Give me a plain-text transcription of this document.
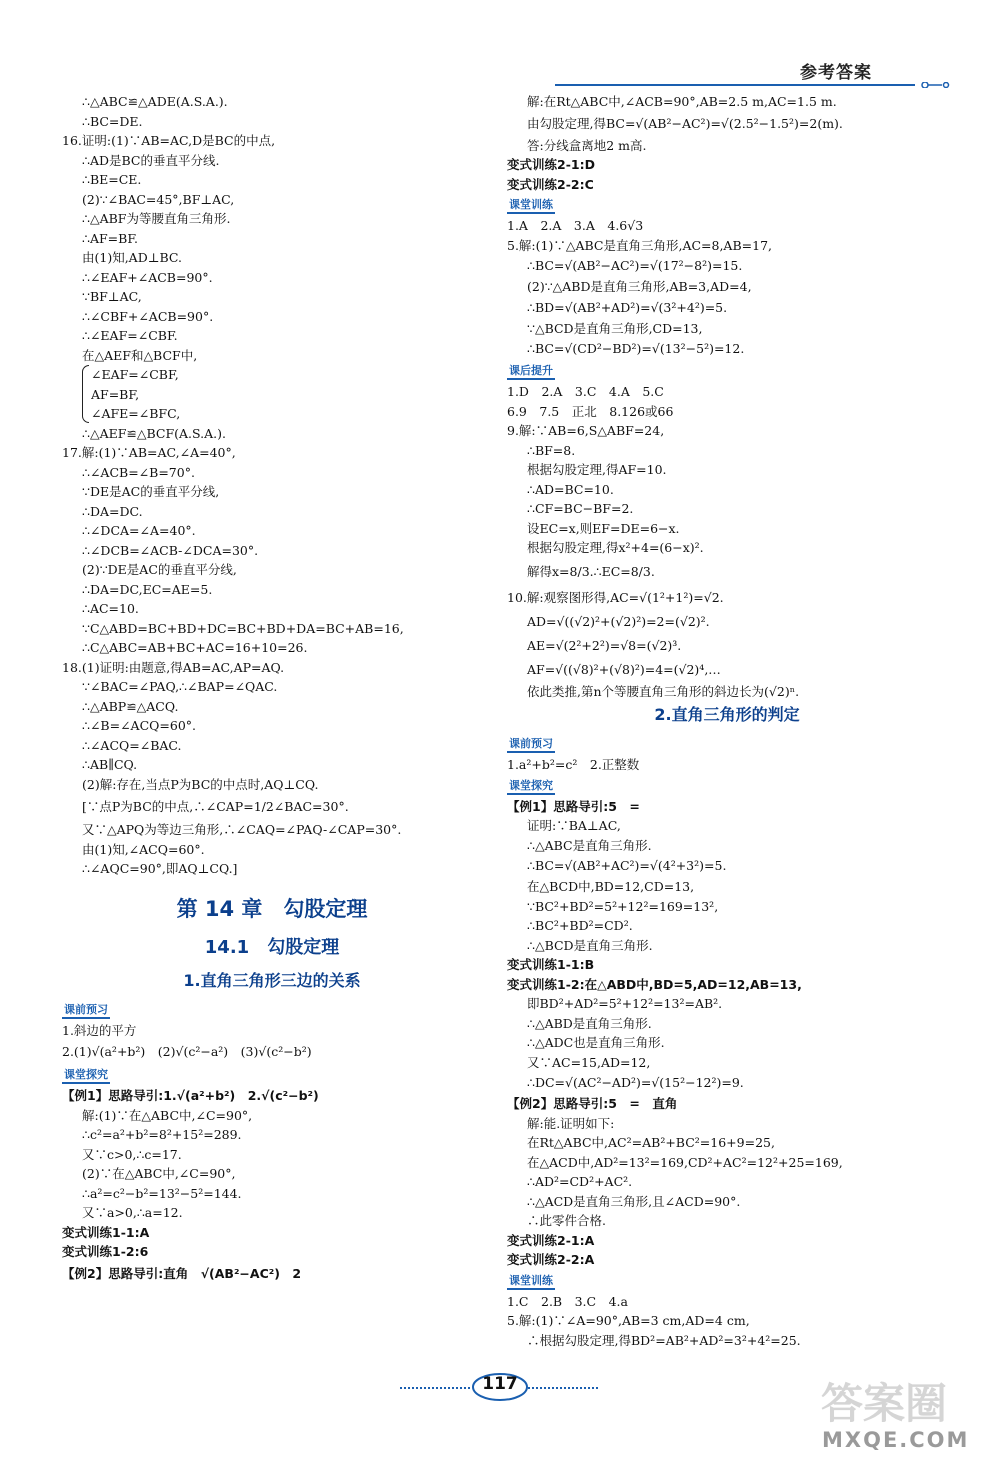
参考答案
∴△ABC≌△ADE(A.S.A.).
∴BC=DE.
16.证明:(1)∵AB=AC,D是BC的中点,
∴AD是BC的垂直平分线.
∴BE=CE.
(2)∵∠BAC=45°,BF⊥AC,
∴△ABF为等腰直角三角形.
∴AF=BF.
由(1)知,AD⊥BC.
∴∠EAF+∠ACB=90°.
∵BF⊥AC,
∴∠CBF+∠ACB=90°.
∴∠EAF=∠CBF.
在△AEF和△BCF中,
∠EAF=∠CBF,
AF=BF,
∠AFE=∠BFC,
∴△AEF≌△BCF(A.S.A.).
17.解:(1)∵AB=AC,∠A=40°,
∴∠ACB=∠B=70°.
∵DE是AC的垂直平分线,
∴DA=DC.
∴∠DCA=∠A=40°.
∴∠DCB=∠ACB-∠DCA=30°.
(2)∵DE是AC的垂直平分线,
∴DA=DC,EC=AE=5.
∴AC=10.
∵C△ABD=BC+BD+DC=BC+BD+DA=BC+AB=16,
∴C△ABC=AB+BC+AC=16+10=26.
18.(1)证明:由题意,得AB=AC,AP=AQ.
∵∠BAC=∠PAQ,∴∠BAP=∠QAC.
∴△ABP≌△ACQ.
∴∠B=∠ACQ=60°.
∴∠ACQ=∠BAC.
∴AB∥CQ.
(2)解:存在,当点P为BC的中点时,AQ⊥CQ.
[∵点P为BC的中点,∴∠CAP=1/2∠BAC=30°.
又∵△APQ为等边三角形,∴∠CAQ=∠PAQ-∠CAP=30°.
由(1)知,∠ACQ=60°.
∴∠AQC=90°,即AQ⊥CQ.]
第 14 章　勾股定理
14.1　勾股定理
1.直角三角形三边的关系
课前预习
1.斜边的平方
2.(1)√(a²+b²)　(2)√(c²−a²)　(3)√(c²−b²)
课堂探究
【例1】思路导引:1.√(a²+b²)　2.√(c²−b²)
解:(1)∵在△ABC中,∠C=90°,
∴c²=a²+b²=8²+15²=289.
又∵c>0,∴c=17.
(2)∵在△ABC中,∠C=90°,
∴a²=c²−b²=13²−5²=144.
又∵a>0,∴a=12.
变式训练1-1:A
变式训练1-2:6
【例2】思路导引:直角　√(AB²−AC²)　2
解:在Rt△ABC中,∠ACB=90°,AB=2.5 m,AC=1.5 m.
由勾股定理,得BC=√(AB²−AC²)=√(2.5²−1.5²)=2(m).
答:分线盒离地2 m高.
变式训练2-1:D
变式训练2-2:C
课堂训练
1.A　2.A　3.A　4.6√3
5.解:(1)∵△ABC是直角三角形,AC=8,AB=17,
∴BC=√(AB²−AC²)=√(17²−8²)=15.
(2)∵△ABD是直角三角形,AB=3,AD=4,
∴BD=√(AB²+AD²)=√(3²+4²)=5.
∵△BCD是直角三角形,CD=13,
∴BC=√(CD²−BD²)=√(13²−5²)=12.
课后提升
1.D　2.A　3.C　4.A　5.C
6.9　7.5　正北　8.126或66
9.解:∵AB=6,S△ABF=24,
∴BF=8.
根据勾股定理,得AF=10.
∴AD=BC=10.
∴CF=BC−BF=2.
设EC=x,则EF=DE=6−x.
根据勾股定理,得x²+4=(6−x)².
解得x=8/3.∴EC=8/3.
10.解:观察图形得,AC=√(1²+1²)=√2.
AD=√((√2)²+(√2)²)=2=(√2)².
AE=√(2²+2²)=√8=(√2)³.
AF=√((√8)²+(√8)²)=4=(√2)⁴,…
依此类推,第n个等腰直角三角形的斜边长为(√2)ⁿ.
2.直角三角形的判定
课前预习
1.a²+b²=c²　2.正整数
课堂探究
【例1】思路导引:5　=
证明:∵BA⊥AC,
∴△ABC是直角三角形.
∴BC=√(AB²+AC²)=√(4²+3²)=5.
在△BCD中,BD=12,CD=13,
∵BC²+BD²=5²+12²=169=13²,
∴BC²+BD²=CD².
∴△BCD是直角三角形.
变式训练1-1:B
变式训练1-2:在△ABD中,BD=5,AD=12,AB=13,
即BD²+AD²=5²+12²=13²=AB².
∴△ABD是直角三角形.
∴△ADC也是直角三角形.
又∵AC=15,AD=12,
∴DC=√(AC²−AD²)=√(15²−12²)=9.
【例2】思路导引:5　=　直角
解:能.证明如下:
在Rt△ABC中,AC²=AB²+BC²=16+9=25,
在△ACD中,AD²=13²=169,CD²+AC²=12²+25=169,
∴AD²=CD²+AC².
∴△ACD是直角三角形,且∠ACD=90°.
∴此零件合格.
变式训练2-1:A
变式训练2-2:A
课堂训练
1.C　2.B　3.C　4.a
5.解:(1)∵∠A=90°,AB=3 cm,AD=4 cm,
∴根据勾股定理,得BD²=AB²+AD²=3²+4²=25.
117	答案圈
MXQE.COM
